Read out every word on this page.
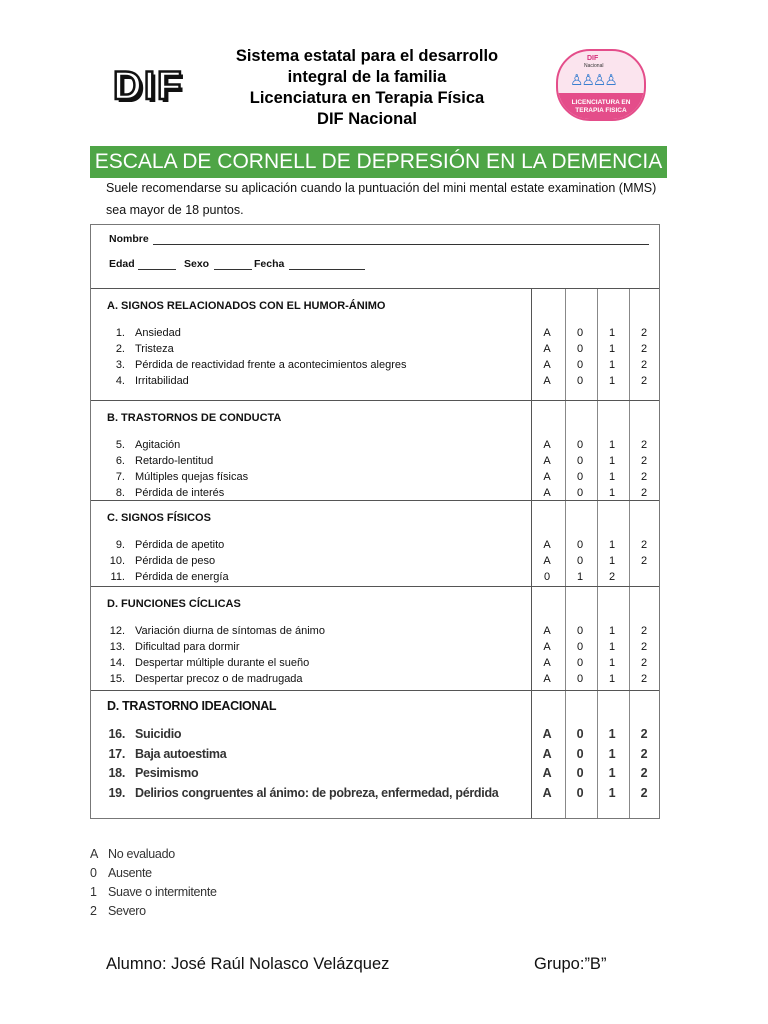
DIF
Sistema estatal para el desarrollo
integral de la familia
Licenciatura en Terapia Física
DIF Nacional
DIF
Nacional
♙♙♙♙
LICENCIATURA EN
TERAPIA FISICA
ESCALA DE CORNELL DE DEPRESIÓN EN LA DEMENCIA
Suele recomendarse su aplicación cuando la puntuación del mini mental estate examination (MMS) sea mayor de 18 puntos.
Nombre
Edad	Sexo	Fecha
A. SIGNOS RELACIONADOS CON EL HUMOR-ÁNIMO
1. Ansiedad	A	0	1	2
2. Tristeza	A	0	1	2
3. Pérdida de reactividad frente a acontecimientos alegres	A	0	1	2
4. Irritabilidad	A	0	1	2
B. TRASTORNOS DE CONDUCTA
5. Agitación	A	0	1	2
6. Retardo-lentitud	A	0	1	2
7. Múltiples quejas físicas	A	0	1	2
8. Pérdida de interés	A	0	1	2
C. SIGNOS FÍSICOS
9. Pérdida de apetito	A	0	1	2
10. Pérdida de peso	A	0	1	2
11. Pérdida de energía	0	1	2
D. FUNCIONES CÍCLICAS
12. Variación diurna de síntomas de ánimo	A	0	1	2
13. Dificultad para dormir	A	0	1	2
14. Despertar múltiple durante el sueño	A	0	1	2
15. Despertar precoz o de madrugada	A	0	1	2
D. TRASTORNO IDEACIONAL
16. Suicidio	A	0	1	2
17. Baja autoestima	A	0	1	2
18. Pesimismo	A	0	1	2
19. Delirios congruentes al ánimo: de pobreza, enfermedad, pérdida	A	0	1	2
A No evaluado
0 Ausente
1 Suave o intermitente
2 Severo
Alumno: José Raúl Nolasco Velázquez	Grupo:”B”
